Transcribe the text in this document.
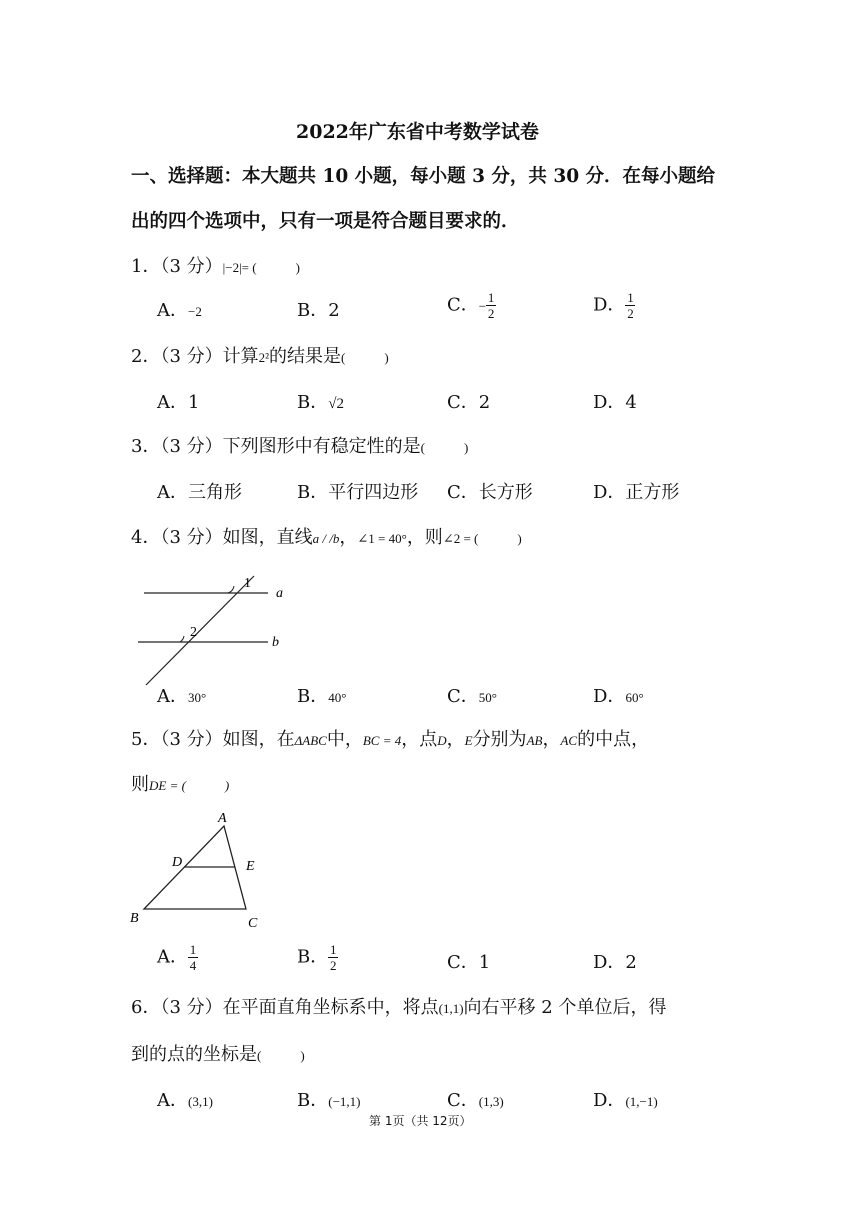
2022年广东省中考数学试卷
一、选择题：本大题共 10 小题，每小题 3 分，共 30 分．在每小题给
出的四个选项中，只有一项是符合题目要求的．
1．（3 分）|−2|= (　　　)
A．−2	B．2	C．− $\frac{1}{2}$	D． $\frac{1}{2}$
2．（3 分）计算2²的结果是(　　　)
A．1	B．√2	C．2	D．4
3．（3 分）下列图形中有稳定性的是(　　　)
A．三角形	B．平行四边形 C．长方形	D．正方形
4．（3 分）如图，直线a / /b，∠1 = 40°，则∠2 = (　　　)
1
2
a
b
A．30°	B．40°	C．50°	D．60°
5．（3 分）如图，在ΔABC中，BC = 4，点D，E分别为AB，AC的中点，
则DE = (　　　)
A
B	C
D	E
A． $\frac{1}{4}$	B． $\frac{1}{2}$	C．1	D．2
6．（3 分）在平面直角坐标系中，将点(1,1)向右平移 2 个单位后，得
到的点的坐标是(　　　)
A．(3,1)	B．(−1,1)	C．(1,3)	D．(1,−1)
第 1页（共 12页）
